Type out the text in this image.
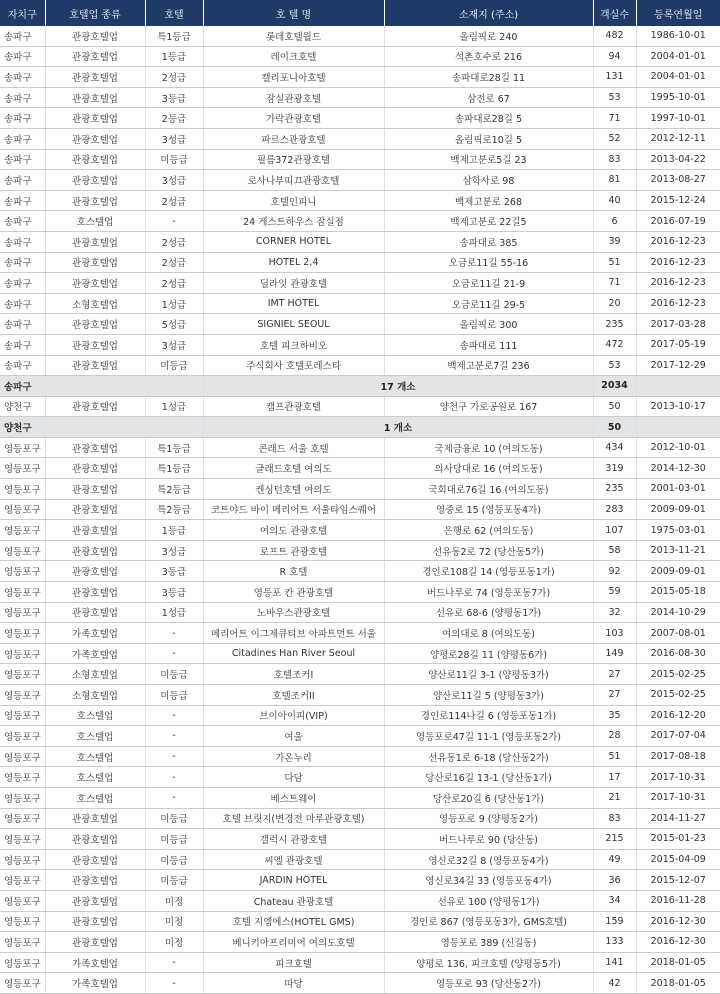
자치구	호텔업 종류	호텔	호 텔 명	소재지 (주소)	객실수	등록연월일
송파구	관광호텔업	특1등급	롯데호텔월드	올림픽로 240	482	1986-10-01
송파구	관광호텔업	1등급	레이크호텔	석촌호수로 216	94	2004-01-01
송파구	관광호텔업	2성급	캘리포니아호텔	송파대로28길 11	131	2004-01-01
송파구	관광호텔업	3등급	잠실관광호텔	삼전로 67	53	1995-10-01
송파구	관광호텔업	2등급	가락관광호텔	송파대로28길 5	71	1997-10-01
송파구	관광호텔업	3성급	파르스관광호텔	올림픽로10길 5	52	2012-12-11
송파구	관광호텔업	미등급	필름372관광호텔	백제고분로5길 23	83	2013-04-22
송파구	관광호텔업	3성급	로사나부띠끄관광호텔	삼학사로 98	81	2013-08-27
송파구	관광호텔업	2성급	호텔인피니	백제고분로 268	40	2015-12-24
송파구	호스텔업	-	24 게스트하우스 잠실점	백제고분로 22길5	6	2016-07-19
송파구	관광호텔업	2성급	CORNER HOTEL	송파대로 385	39	2016-12-23
송파구	관광호텔업	2성급	HOTEL 2,4	오금로11길 55-16	51	2016-12-23
송파구	관광호텔업	2성급	딜라잇 관광호텔	오금로11길 21-9	71	2016-12-23
송파구	소형호텔업	1성급	IMT HOTEL	오금로11길 29-5	20	2016-12-23
송파구	관광호텔업	5성급	SIGNIEL SEOUL	올림픽로 300	235	2017-03-28
송파구	관광호텔업	3성급	호텔 피크하비오	송파대로 111	472	2017-05-19
송파구	관광호텔업	미등급	주식회사 호텔포레스타	백제고분로7길 236	53	2017-12-29
송파구			17 개소		2034	
양천구	관광호텔업	1성급	캠프관광호텔	양천구 가로공원로 167	50	2013-10-17
양천구			1 개소		50	
영등포구	관광호텔업	특1등급	콘래드 서울 호텔	국제금융로 10 (여의도동)	434	2012-10-01
영등포구	관광호텔업	특1등급	글래드호텔 여의도	의사당대로 16 (여의도동)	319	2014-12-30
영등포구	관광호텔업	특2등급	켄싱턴호텔 여의도	국회대로76길 16 (여의도동)	235	2001-03-01
영등포구	관광호텔업	특2등급	코트야드 바이 메리어트 서울타임스퀘어	영중로 15 (영등포동4가)	283	2009-09-01
영등포구	관광호텔업	1등급	여의도 관광호텔	은행로 62 (여의도동)	107	1975-03-01
영등포구	관광호텔업	3성급	로프트 관광호텔	선유동2로 72 (당산동5가)	58	2013-11-21
영등포구	관광호텔업	3등급	R 호텔	경인로108길 14 (영등포동1가)	92	2009-09-01
영등포구	관광호텔업	3등급	영등포 칸 관광호텔	버드나루로 74 (영등포동7가)	59	2015-05-18
영등포구	관광호텔업	1성급	노바우스관광호텔	선유로 68-6 (양평동1가)	32	2014-10-29
영등포구	가족호텔업	-	메리어트 이그제큐티브 아파트먼트 서울	여의대로 8 (여의도동)	103	2007-08-01
영등포구	가족호텔업	-	Citadines Han River Seoul	양평로28길 11 (양평동6가)	149	2016-08-30
영등포구	소형호텔업	미등급	호텔조커I	양산로11길 3-1 (양평동3가)	27	2015-02-25
영등포구	소형호텔업	미등급	호텔조커II	양산로11길 5 (양평동3가)	27	2015-02-25
영등포구	호스텔업	-	브이아이피(VIP)	경인로114나길 6 (영등포동1가)	35	2016-12-20
영등포구	호스텔업	-	여울	영등포로47길 11-1 (영등포동2가)	28	2017-07-04
영등포구	호스텔업	-	가온누리	선유동1로 6-18 (당산동2가)	51	2017-08-18
영등포구	호스텔업	-	다담	당산로16길 13-1 (당산동1가)	17	2017-10-31
영등포구	호스텔업	-	베스트웨이	당산로20길 6 (당산동1가)	21	2017-10-31
영등포구	관광호텔업	미등급	호텔 브릿지(변경전 마루관광호텔)	영등포로 9 (양평동2가)	83	2014-11-27
영등포구	관광호텔업	미등급	갤럭시 관광호텔	버드나루로 90 (당산동)	215	2015-01-23
영등포구	관광호텔업	미등급	씨엘 관광호텔	영신로32길 8 (영등포동4가)	49	2015-04-09
영등포구	관광호텔업	미등급	JARDIN HOTEL	영신로34길 33 (영등포동4가)	36	2015-12-07
영등포구	관광호텔업	미정	Chateau 관광호텔	선유로 100 (양평동1가)	34	2016-11-28
영등포구	관광호텔업	미정	호텔 지엠에스(HOTEL GMS)	경인로 867 (영등포동3가, GMS호텔)	159	2016-12-30
영등포구	관광호텔업	미정	베니키아프리미어 여의도호텔	영등포로 389 (신길동)	133	2016-12-30
영등포구	가족호텔업	-	피크호텔	양평로 136, 피크호텔 (양평동5가)	141	2018-01-05
영등포구	가족호텔업	-	따당	영등포로 93 (당산동2가)	42	2018-01-05
